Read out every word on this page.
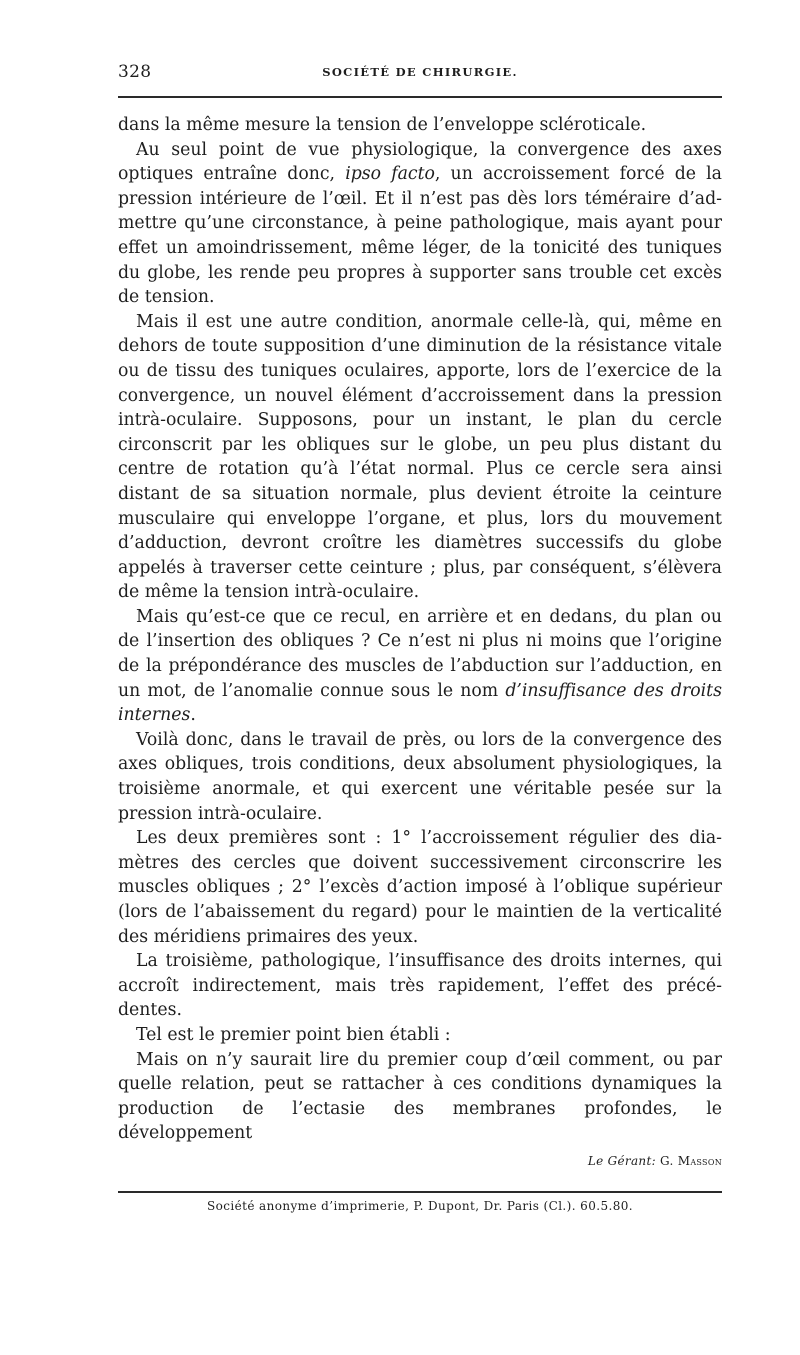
328	SOCIÉTÉ DE CHIRURGIE.

dans la même mesure la tension de l’enveloppe scléroticale.

Au seul point de vue physiologique, la convergence des axes optiques entraîne donc, ipso facto, un accroissement forcé de la pression intérieure de l’œil. Et il n’est pas dès lors téméraire d’admettre qu’une circonstance, à peine pathologique, mais ayant pour effet un amoindrissement, même léger, de la tonicité des tuniques du globe, les rende peu propres à supporter sans trouble cet excès de tension.

Mais il est une autre condition, anormale celle-là, qui, même en dehors de toute supposition d’une diminution de la résistance vitale ou de tissu des tuniques oculaires, apporte, lors de l’exercice de la convergence, un nouvel élément d’accroissement dans la pression intrà-oculaire. Supposons, pour un instant, le plan du cercle circonscrit par les obliques sur le globe, un peu plus distant du centre de rotation qu’à l’état normal. Plus ce cercle sera ainsi distant de sa situation normale, plus devient étroite la ceinture musculaire qui enveloppe l’organe, et plus, lors du mouvement d’adduction, devront croître les diamètres successifs du globe appelés à traverser cette ceinture ; plus, par conséquent, s’élèvera de même la tension intrà-oculaire.

Mais qu’est-ce que ce recul, en arrière et en dedans, du plan ou de l’insertion des obliques ? Ce n’est ni plus ni moins que l’origine de la prépondérance des muscles de l’abduction sur l’adduction, en un mot, de l’anomalie connue sous le nom d’insuffisance des droits internes.

Voilà donc, dans le travail de près, ou lors de la convergence des axes obliques, trois conditions, deux absolument physiologiques, la troisième anormale, et qui exercent une véritable pesée sur la pression intrà-oculaire.

Les deux premières sont : 1° l’accroissement régulier des diamètres des cercles que doivent successivement circonscrire les muscles obliques ; 2° l’excès d’action imposé à l’oblique supérieur (lors de l’abaissement du regard) pour le maintien de la verticalité des méridiens primaires des yeux.

La troisième, pathologique, l’insuffisance des droits internes, qui accroît indirectement, mais très rapidement, l’effet des précédentes.

Tel est le premier point bien établi :

Mais on n’y saurait lire du premier coup d’œil comment, ou par quelle relation, peut se rattacher à ces conditions dynamiques la production de l’ectasie des membranes profondes, le développement

Le Gérant: G. Masson
Société anonyme d’imprimerie, P. Dupont, Dr. Paris (Cl.). 60.5.80.
